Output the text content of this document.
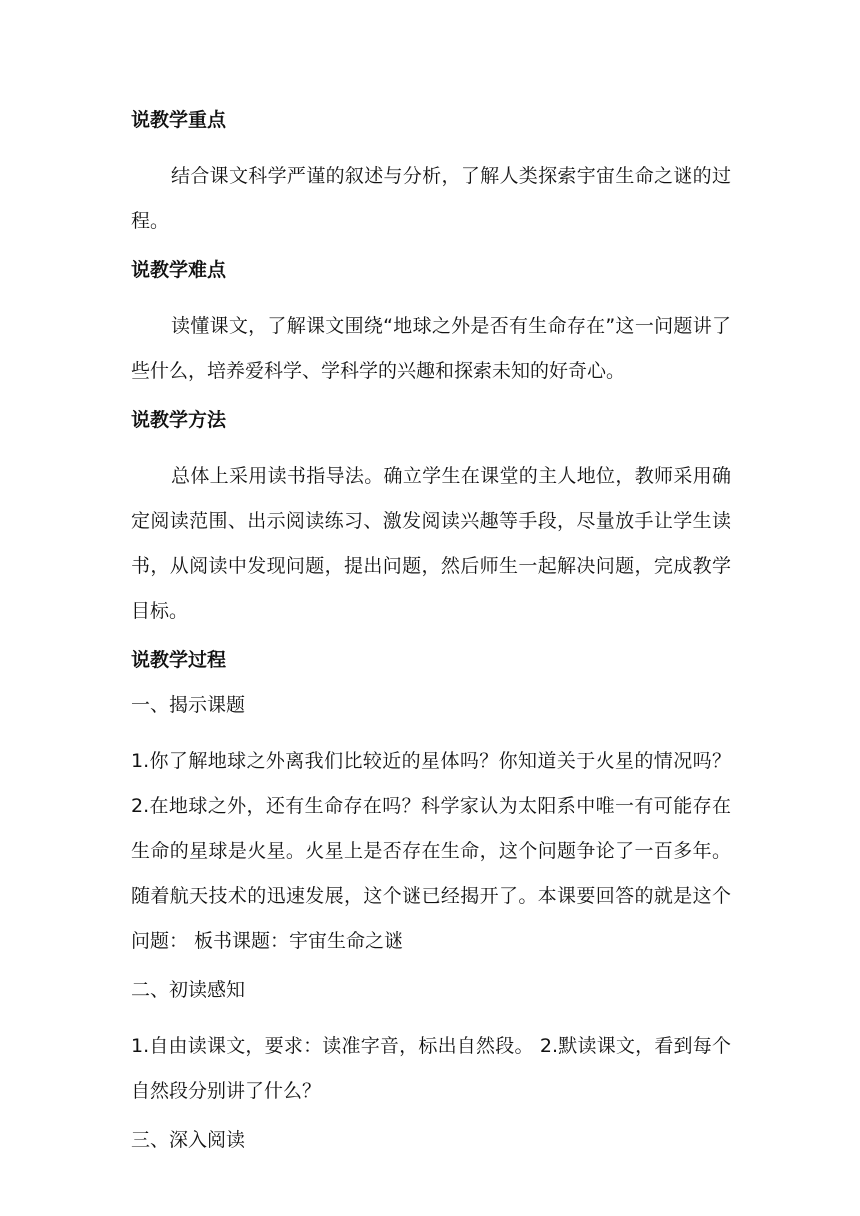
说教学重点
结合课文科学严谨的叙述与分析，了解人类探索宇宙生命之谜的过程。
说教学难点
读懂课文，了解课文围绕“地球之外是否有生命存在”这一问题讲了些什么，培养爱科学、学科学的兴趣和探索未知的好奇心。
说教学方法
总体上采用读书指导法。确立学生在课堂的主人地位，教师采用确定阅读范围、出示阅读练习、激发阅读兴趣等手段，尽量放手让学生读书，从阅读中发现问题，提出问题，然后师生一起解决问题，完成教学目标。
说教学过程
一、揭示课题
1.你了解地球之外离我们比较近的星体吗？你知道关于火星的情况吗？ 2.在地球之外，还有生命存在吗？科学家认为太阳系中唯一有可能存在生命的星球是火星。火星上是否存在生命，这个问题争论了一百多年。随着航天技术的迅速发展，这个谜已经揭开了。本课要回答的就是这个问题： 板书课题：宇宙生命之谜
二、初读感知
1.自由读课文，要求：读准字音，标出自然段。 2.默读课文，看到每个自然段分别讲了什么？
三、深入阅读
